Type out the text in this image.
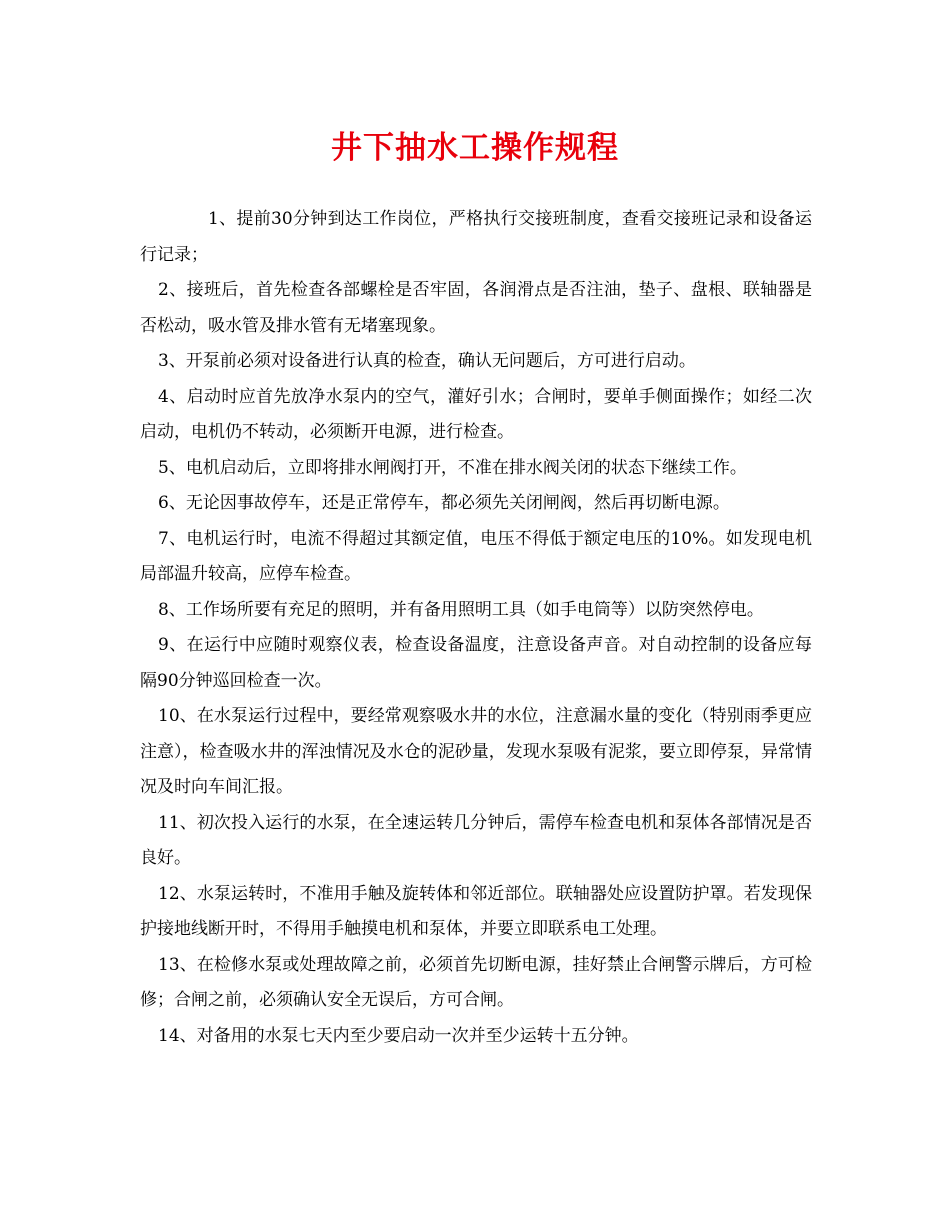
井下抽水工操作规程

1、提前30分钟到达工作岗位，严格执行交接班制度，查看交接班记录和设备运行记录；

2、接班后，首先检查各部螺栓是否牢固，各润滑点是否注油，垫子、盘根、联轴器是否松动，吸水管及排水管有无堵塞现象。

3、开泵前必须对设备进行认真的检查，确认无问题后，方可进行启动。

4、启动时应首先放净水泵内的空气，灌好引水；合闸时，要单手侧面操作；如经二次启动，电机仍不转动，必须断开电源，进行检查。

5、电机启动后，立即将排水闸阀打开，不准在排水阀关闭的状态下继续工作。

6、无论因事故停车，还是正常停车，都必须先关闭闸阀，然后再切断电源。

7、电机运行时，电流不得超过其额定值，电压不得低于额定电压的10%。如发现电机局部温升较高，应停车检查。

8、工作场所要有充足的照明，并有备用照明工具（如手电筒等）以防突然停电。

9、在运行中应随时观察仪表，检查设备温度，注意设备声音。对自动控制的设备应每隔90分钟巡回检查一次。

10、在水泵运行过程中，要经常观察吸水井的水位，注意漏水量的变化（特别雨季更应注意），检查吸水井的浑浊情况及水仓的泥砂量，发现水泵吸有泥浆，要立即停泵，异常情况及时向车间汇报。

11、初次投入运行的水泵，在全速运转几分钟后，需停车检查电机和泵体各部情况是否良好。

12、水泵运转时，不准用手触及旋转体和邻近部位。联轴器处应设置防护罩。若发现保护接地线断开时，不得用手触摸电机和泵体，并要立即联系电工处理。

13、在检修水泵或处理故障之前，必须首先切断电源，挂好禁止合闸警示牌后，方可检修；合闸之前，必须确认安全无误后，方可合闸。

14、对备用的水泵七天内至少要启动一次并至少运转十五分钟。
